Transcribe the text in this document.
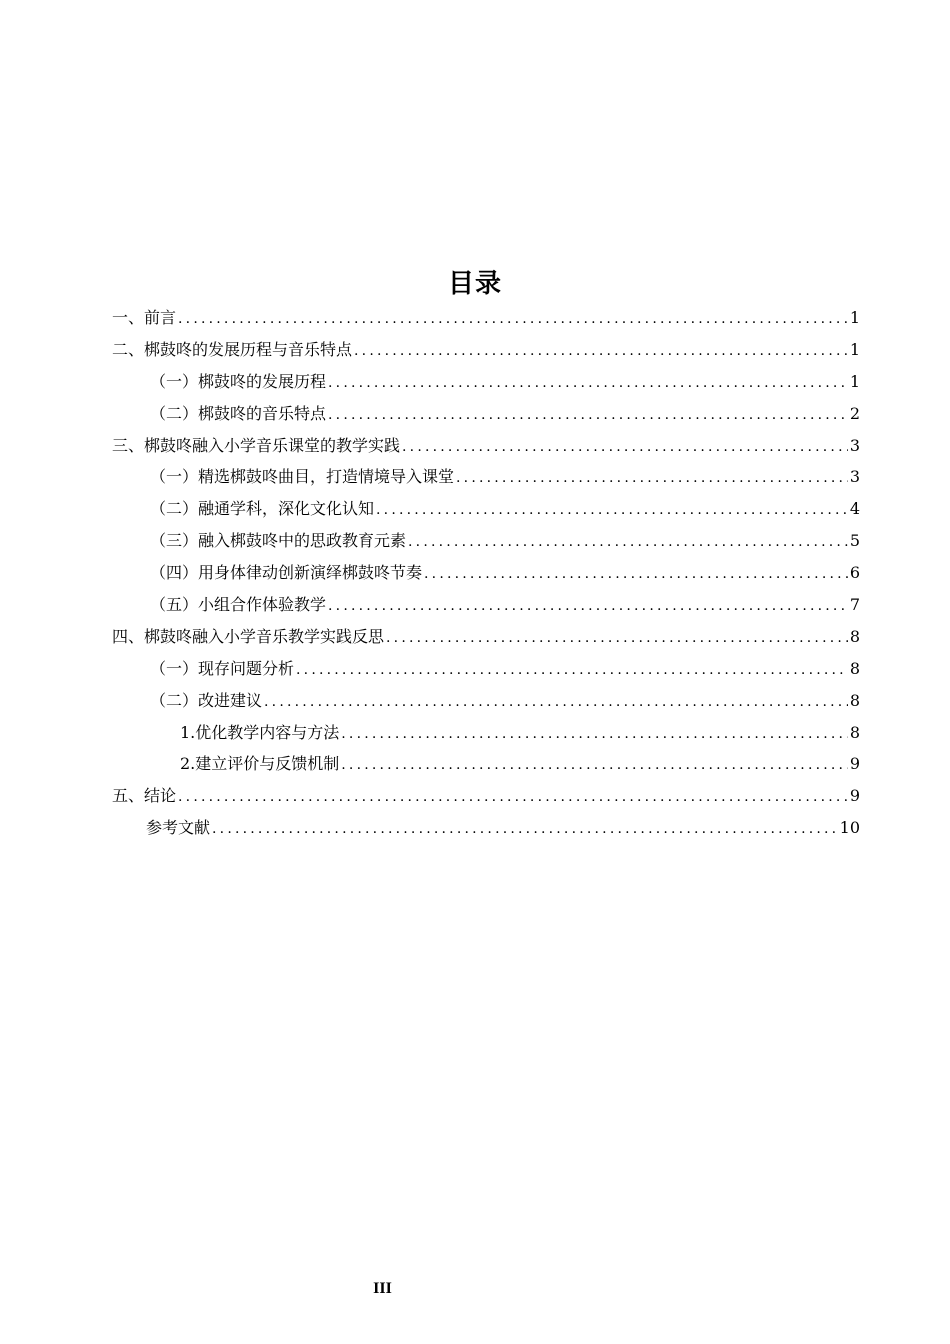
目录
一、前言 .....	1
二、梆鼓咚的发展历程与音乐特点 .....	1
（一）梆鼓咚的发展历程 .....	1
（二）梆鼓咚的音乐特点 .....	2
三、梆鼓咚融入小学音乐课堂的教学实践 .....	3
（一）精选梆鼓咚曲目，打造情境导入课堂 .....	3
（二）融通学科，深化文化认知 .....	4
（三）融入梆鼓咚中的思政教育元素 .....	5
（四）用身体律动创新演绎梆鼓咚节奏 .....	6
（五）小组合作体验教学 .....	7
四、梆鼓咚融入小学音乐教学实践反思 .....	8
（一）现存问题分析 .....	8
（二）改进建议 .....	8
1.优化教学内容与方法 .....	8
2.建立评价与反馈机制 .....	9
五、结论 .....	9
参考文献 .....	10
III
